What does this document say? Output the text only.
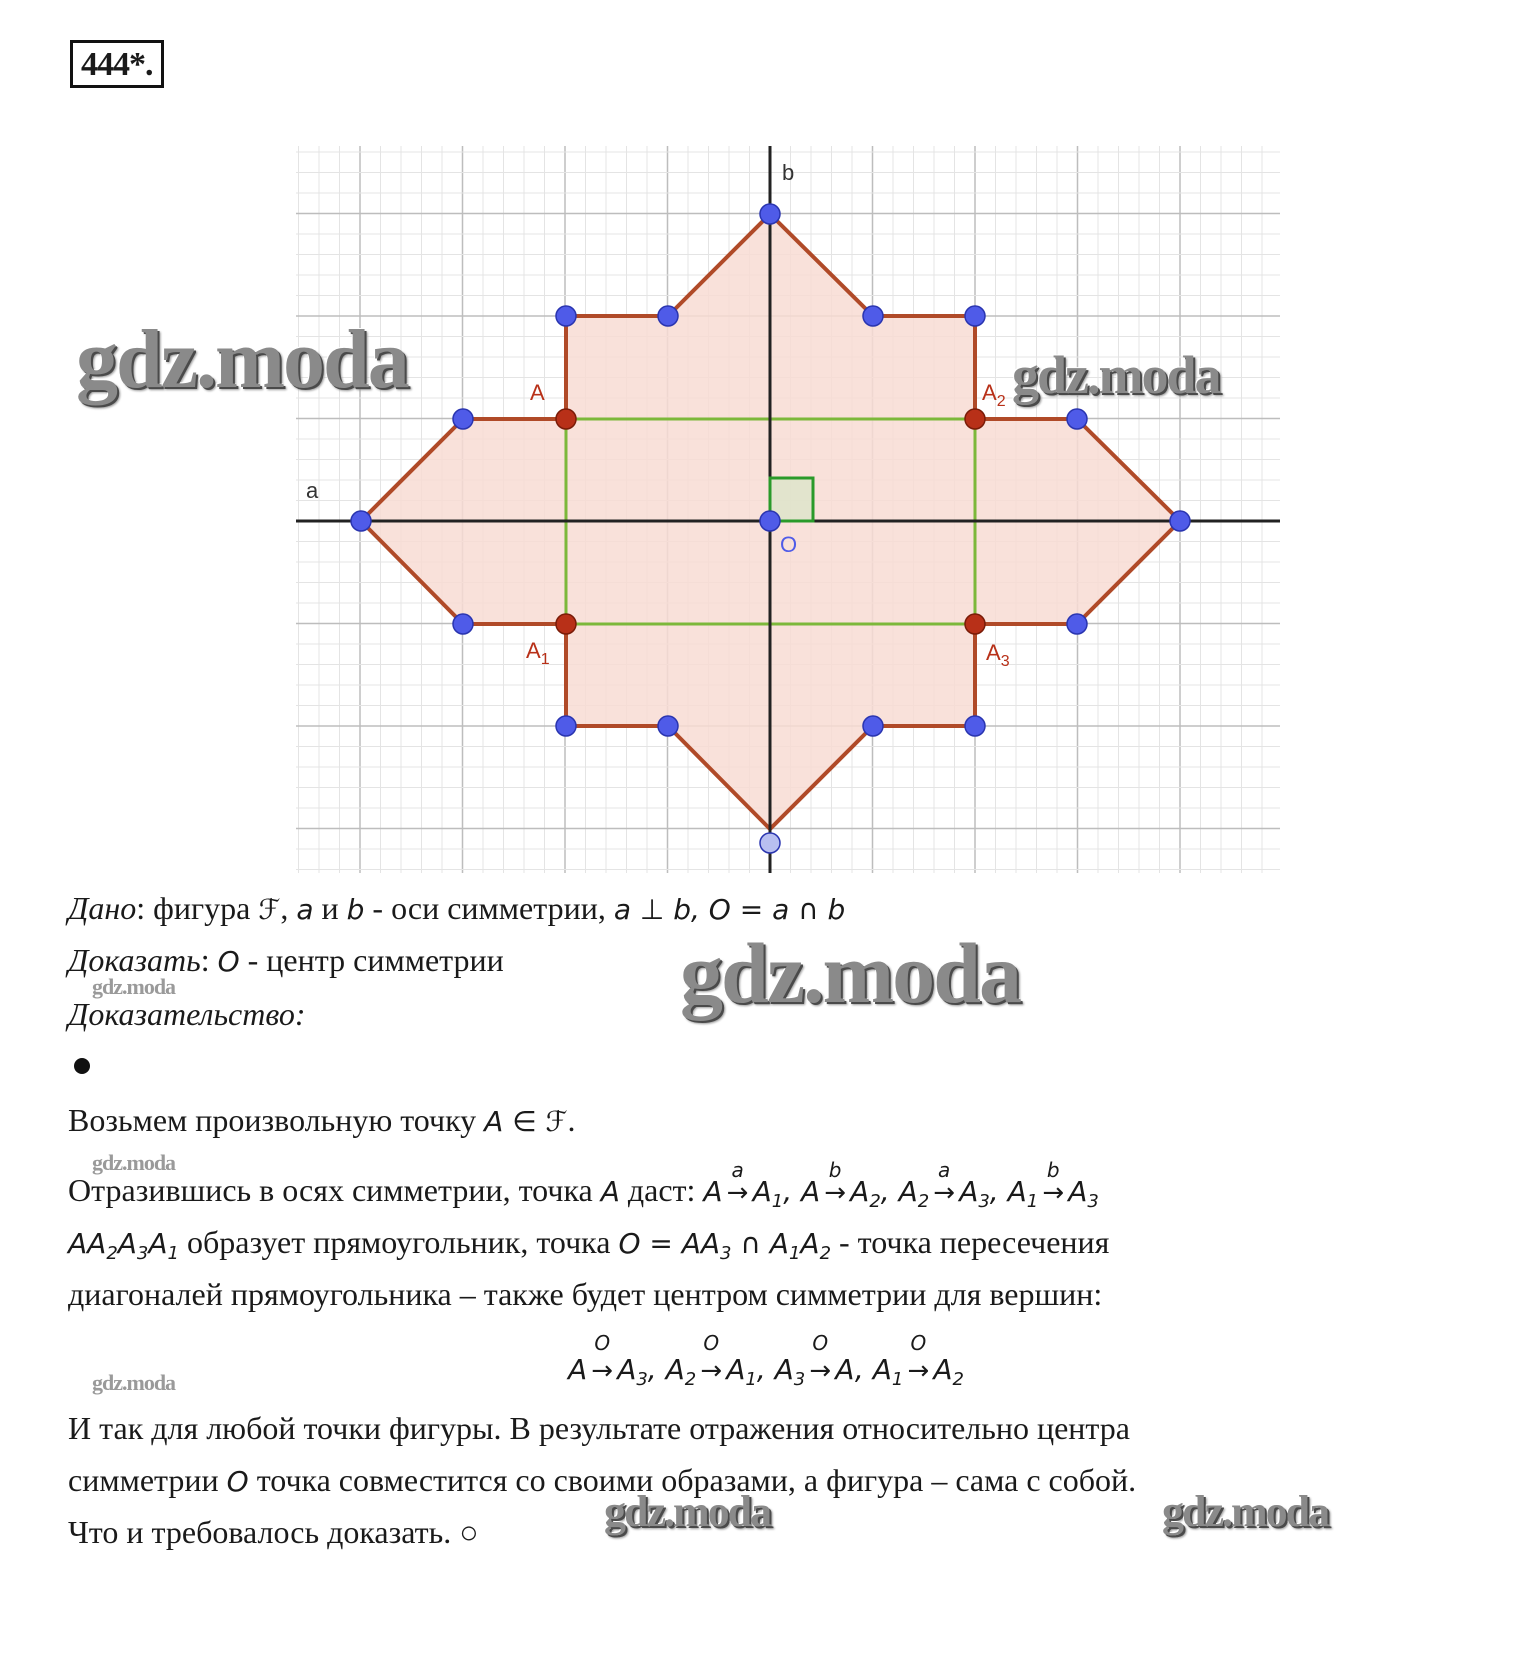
444*.
a
b
O
A	$A_2$
$A_1$	$A_3$
Дано: фигура ℱ, a и b - оси симметрии, a ⊥ b, O = a ∩ b
Доказать: O - центр симметрии
Доказательство:
Возьмем произвольную точку A ∈ ℱ.
Отразившись в осях симметрии, точка A даст: A
a
→ $A_1$, A
b
→ $A_2$, $A_2$
a
→ $A_3$, $A_1$
b
→ $A_3$
$AA_2A_3A_1$ образует прямоугольник, точка $O = AA_3$ ∩ $A_1A_2$ - точка пересечения
диагоналей прямоугольника – также будет центром симметрии для вершин:
A
O
→ $A_3$, $A_2$
O
→ $A_1$, $A_3$
O
→ A, $A_1$
O
→ $A_2$
И так для любой точки фигуры. В результате отражения относительно центра
симметрии O точка совместится со своими образами, а фигура – сама с собой.
Что и требовалось доказать. ○
gdz.moda	gdz.moda
gdz.moda
gdz.moda
gdz.moda
gdz.moda
gdz.moda	gdz.moda
